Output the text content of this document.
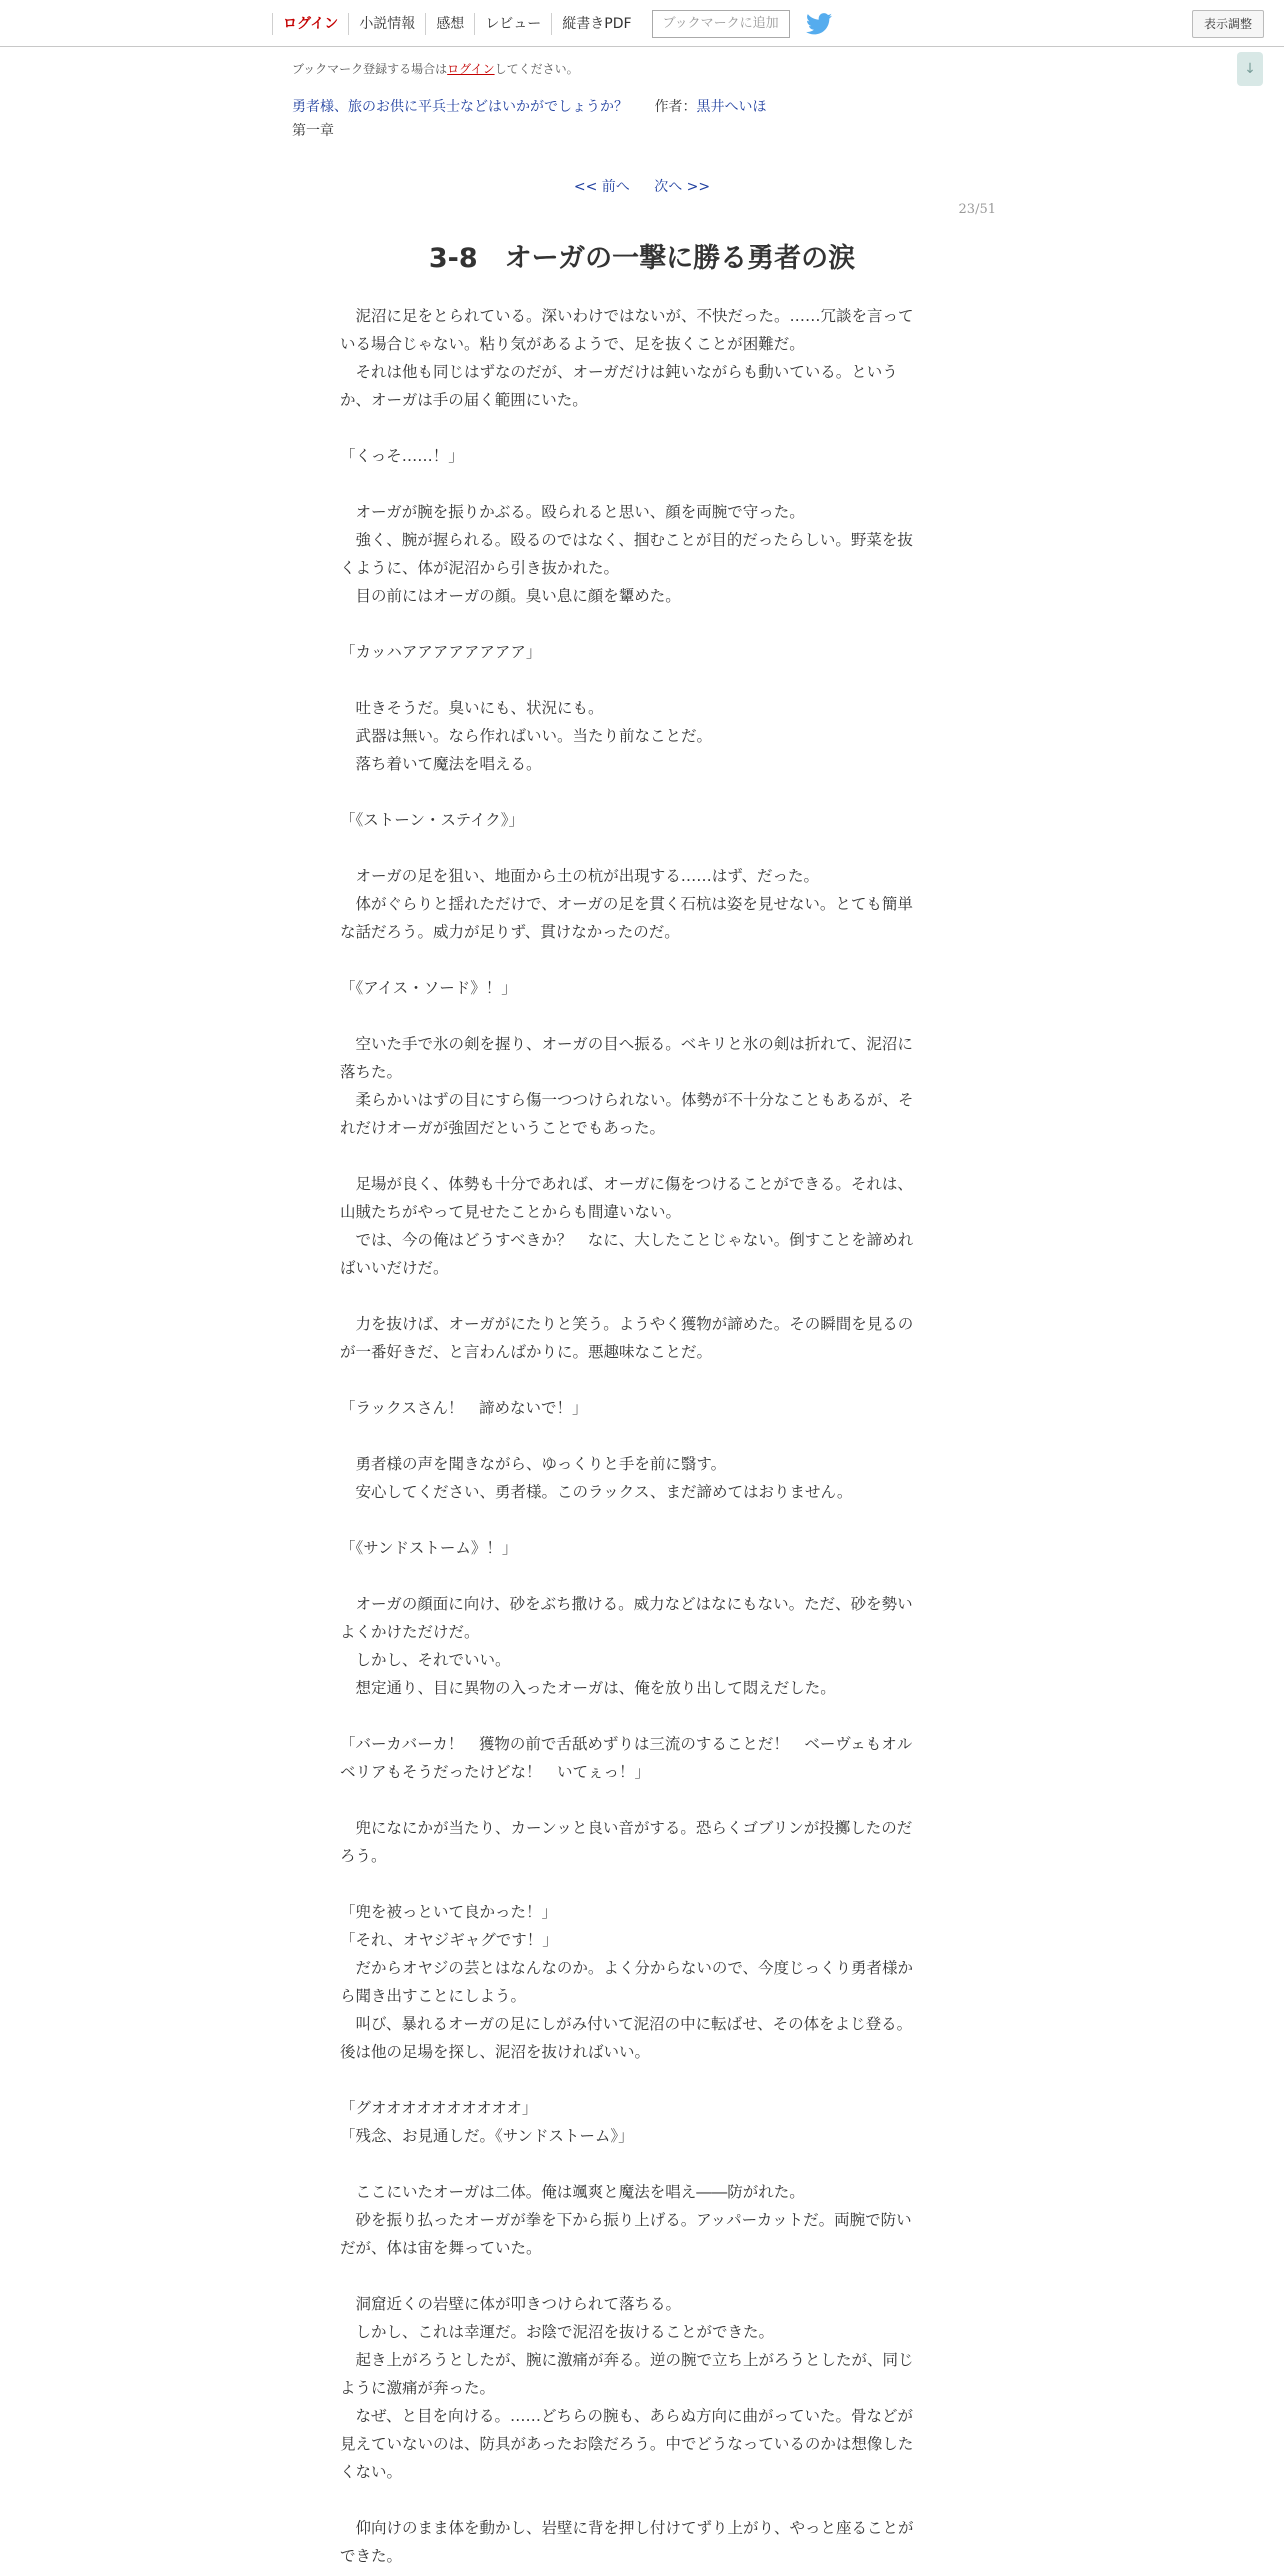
ログイン	小説情報	感想	レビュー	縦書きPDF	ブックマークに追加	表示調整
↓
ブックマーク登録する場合はログインしてください。
勇者様、旅のお供に平兵士などはいかがでしょうか？ 作者：黒井へいほ
第一章
<< 前へ 次へ >>
23/51
3-8　オーガの一撃に勝る勇者の涙
　泥沼に足をとられている。深いわけではないが、不快だった。……冗談を言って
いる場合じゃない。粘り気があるようで、足を抜くことが困難だ。
　それは他も同じはずなのだが、オーガだけは鈍いながらも動いている。という
か、オーガは手の届く範囲にいた。
「くっそ……！」
　オーガが腕を振りかぶる。殴られると思い、顔を両腕で守った。
　強く、腕が握られる。殴るのではなく、掴むことが目的だったらしい。野菜を抜
くように、体が泥沼から引き抜かれた。
　目の前にはオーガの顔。臭い息に顔を顰めた。
「カッハアアアアアアアア」
　吐きそうだ。臭いにも、状況にも。
　武器は無い。なら作ればいい。当たり前なことだ。
　落ち着いて魔法を唱える。
「《ストーン・ステイク》」
　オーガの足を狙い、地面から土の杭が出現する……はず、だった。
　体がぐらりと揺れただけで、オーガの足を貫く石杭は姿を見せない。とても簡単
な話だろう。威力が足りず、貫けなかったのだ。
「《アイス・ソード》！」
　空いた手で氷の剣を握り、オーガの目へ振る。ベキリと氷の剣は折れて、泥沼に
落ちた。
　柔らかいはずの目にすら傷一つつけられない。体勢が不十分なこともあるが、そ
れだけオーガが強固だということでもあった。
　足場が良く、体勢も十分であれば、オーガに傷をつけることができる。それは、
山賊たちがやって見せたことからも間違いない。
　では、今の俺はどうすべきか？　なに、大したことじゃない。倒すことを諦めれ
ばいいだけだ。
　力を抜けば、オーガがにたりと笑う。ようやく獲物が諦めた。その瞬間を見るの
が一番好きだ、と言わんばかりに。悪趣味なことだ。
「ラックスさん！　諦めないで！」
　勇者様の声を聞きながら、ゆっくりと手を前に翳す。
　安心してください、勇者様。このラックス、まだ諦めてはおりません。
「《サンドストーム》！」
　オーガの顔面に向け、砂をぶち撒ける。威力などはなにもない。ただ、砂を勢い
よくかけただけだ。
　しかし、それでいい。
　想定通り、目に異物の入ったオーガは、俺を放り出して悶えだした。
「バーカバーカ！　獲物の前で舌舐めずりは三流のすることだ！　ベーヴェもオル
ベリアもそうだったけどな！　いてぇっ！」
　兜になにかが当たり、カーンッと良い音がする。恐らくゴブリンが投擲したのだ
ろう。
「兜を被っといて良かった！」
「それ、オヤジギャグです！」
　だからオヤジの芸とはなんなのか。よく分からないので、今度じっくり勇者様か
ら聞き出すことにしよう。
　叫び、暴れるオーガの足にしがみ付いて泥沼の中に転ばせ、その体をよじ登る。
後は他の足場を探し、泥沼を抜ければいい。
「グオオオオオオオオオオ」
「残念、お見通しだ。《サンドストーム》」
　ここにいたオーガは二体。俺は颯爽と魔法を唱え――防がれた。
　砂を振り払ったオーガが拳を下から振り上げる。アッパーカットだ。両腕で防い
だが、体は宙を舞っていた。
　洞窟近くの岩壁に体が叩きつけられて落ちる。
　しかし、これは幸運だ。お陰で泥沼を抜けることができた。
　起き上がろうとしたが、腕に激痛が奔る。逆の腕で立ち上がろうとしたが、同じ
ように激痛が奔った。
　なぜ、と目を向ける。……どちらの腕も、あらぬ方向に曲がっていた。骨などが
見えていないのは、防具があったお陰だろう。中でどうなっているのかは想像した
くない。
　仰向けのまま体を動かし、岩壁に背を押し付けてずり上がり、やっと座ることが
できた。
